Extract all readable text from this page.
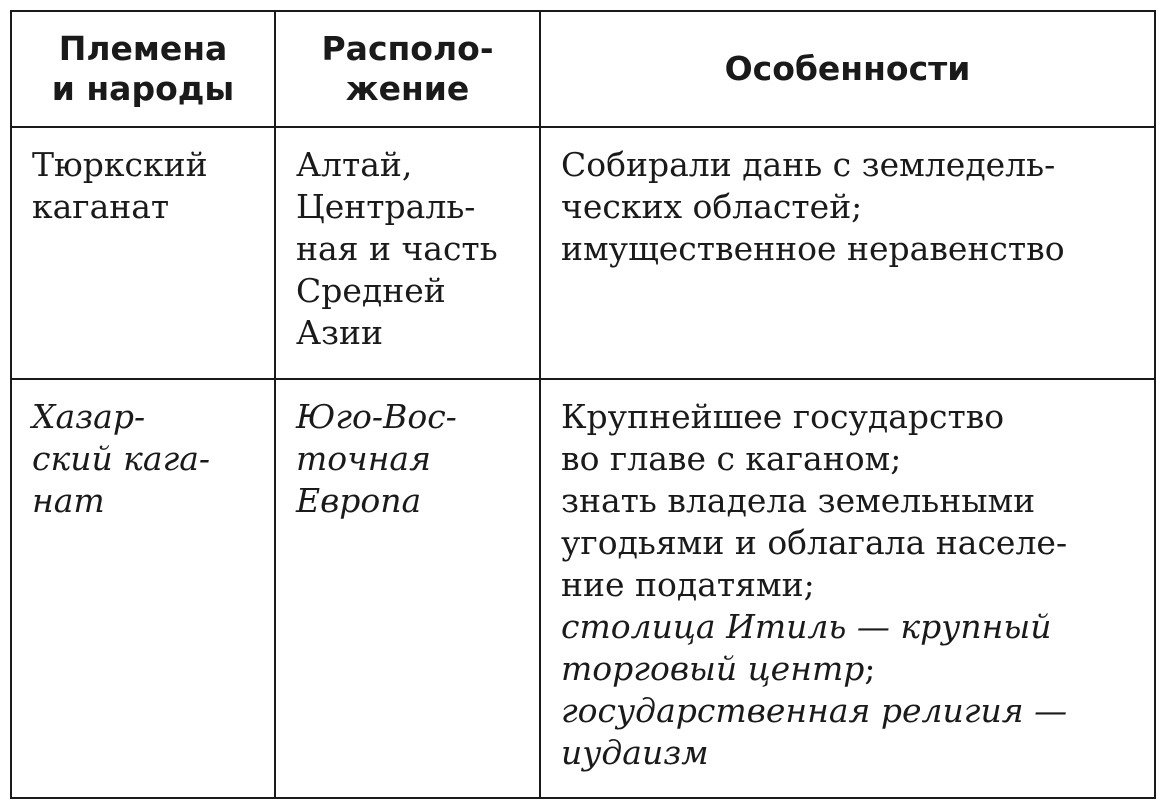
Племена
и народы
Располо-
жение
Особенности
Тюркский
каганат
Алтай,
Централь-
ная и часть
Средней
Азии
Собирали дань с земледель-
ческих областей;
имущественное неравенство
Хазар-
ский кага-
нат
Юго-Вос-
точная
Европа
Крупнейшее государство
во главе с каганом;
знать владела земельными
угодьями и облагала населе-
ние податями;
столица Итиль — крупный
торговый центр;
государственная религия —
иудаизм
